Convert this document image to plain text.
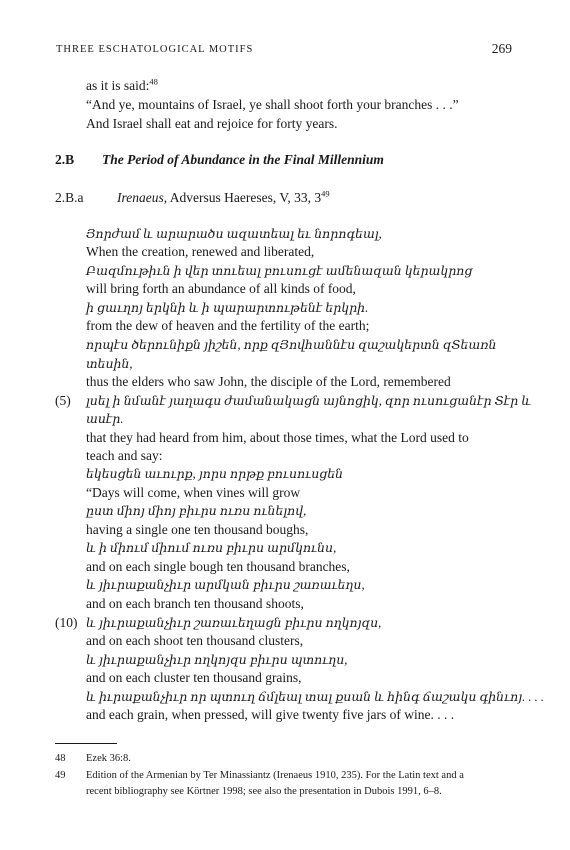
THREE ESCHATOLOGICAL MOTIFS	269
as it is said:$^{48}$
“And ye, mountains of Israel, ye shall shoot forth your branches . . .”
And Israel shall eat and rejoice for forty years.
2.B The Period of Abundance in the Final Millennium
2.B.a Irenaeus, Adversus Haereses, V, 33, $3^{49}$
Յորժամ և արարածս ազատեալ եւ նորոգեալ,
When the creation, renewed and liberated,
Բազմութիւն ի վեր տուեալ բուսուցէ ամենազան կերակրոց
will bring forth an abundance of all kinds of food,
ի ցաւղոյ երկնի և ի պարարտութենէ երկրի.
from the dew of heaven and the fertility of the earth;
որպէս ծերունիքն յիշեն, որք զՅովհաննէս զաշակերտն զՏեառն
տեսին,
thus the elders who saw John, the disciple of the Lord, remembered
լսել ի նմանէ յաղագս ժամանակացն այնոցիկ, զոր ուսուցանէր Տէր և
(5)
ասէր.
that they had heard from him, about those times, what the Lord used to
teach and say:
եկեսցեն աւուրք, յորս որթք բուսուսցեն
“Days will come, when vines will grow
ըստ միոյ միոյ բիւրս ուռս ունելով,
having a single one ten thousand boughs,
և ի միում միում ուռս բիւրս արմկունս,
and on each single bough ten thousand branches,
և յիւրաքանչիւր արմկան բիւրս շառաւեղս,
and on each branch ten thousand shoots,
և յիւրաքանչիւր շառաւեղացն բիւրս ողկոյզս,
(10)
and on each shoot ten thousand clusters,
և յիւրաքանչիւր ողկոյզս բիւրս պտուղս,
and on each cluster ten thousand grains,
և իւրաքանչիւր որ պտուղ ճմլեալ տալ քսան և հինգ ճաշակս գինւոյ. . . .
and each grain, when pressed, will give twenty five jars of wine. . . .
48 Ezek 36:8.
49 Edition of the Armenian by Ter Minassiantz (Irenaeus 1910, 235). For the Latin text and a
recent bibliography see Körtner 1998; see also the presentation in Dubois 1991, 6–8.
